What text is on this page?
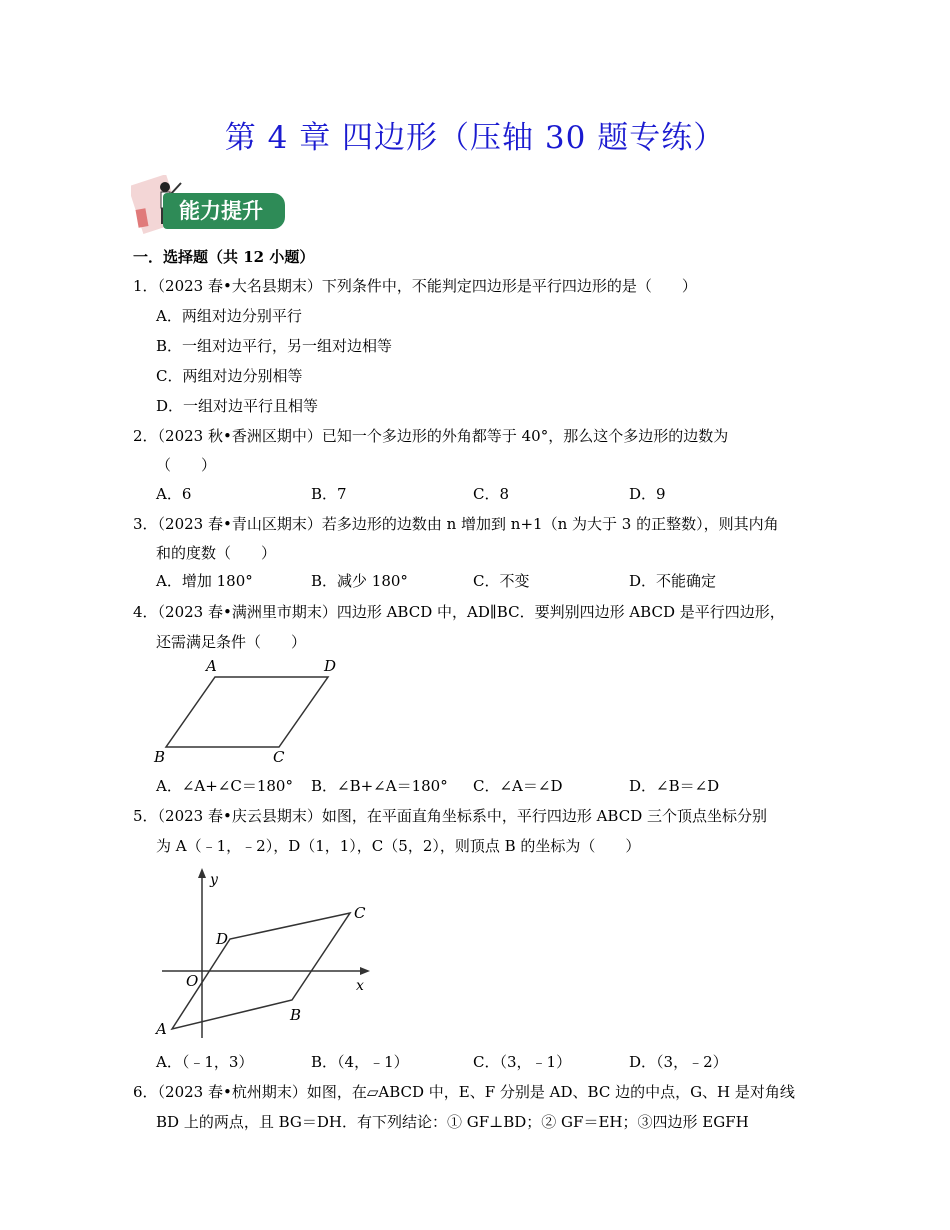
第 4 章 四边形（压轴 30 题专练）
能力提升
一．选择题（共 12 小题）
1．（2023 春•大名县期末）下列条件中，不能判定四边形是平行四边形的是（　　）
A．两组对边分别平行
B．一组对边平行，另一组对边相等
C．两组对边分别相等
D．一组对边平行且相等
2．（2023 秋•香洲区期中）已知一个多边形的外角都等于 40°，那么这个多边形的边数为
（　　）
A．6	B．7	C．8	D．9
3．（2023 春•青山区期末）若多边形的边数由 n 增加到 n+1（n 为大于 3 的正整数），则其内角
和的度数（　　）
A．增加 180°	B．减少 180°	C．不变	D．不能确定
4．（2023 春•满洲里市期末）四边形 ABCD 中，AD∥BC．要判别四边形 ABCD 是平行四边形，
还需满足条件（　　）
A	D
B	C
A．∠A+∠C＝180° B．∠B+∠A＝180° C．∠A＝∠D	D．∠B＝∠D
5．（2023 春•庆云县期末）如图，在平面直角坐标系中，平行四边形 ABCD 三个顶点坐标分别
为 A（﹣1，﹣2），D（1，1），C（5，2），则顶点 B 的坐标为（　　）
y
x
O
A
B
C
D
A．（﹣1，3）	B．（4，﹣1）	C．（3，﹣1）	D．（3，﹣2）
6．（2023 春•杭州期末）如图，在▱ABCD 中，E、F 分别是 AD、BC 边的中点，G、H 是对角线
BD 上的两点，且 BG＝DH．有下列结论：① GF⊥BD；② GF＝EH；③四边形 EGFH
